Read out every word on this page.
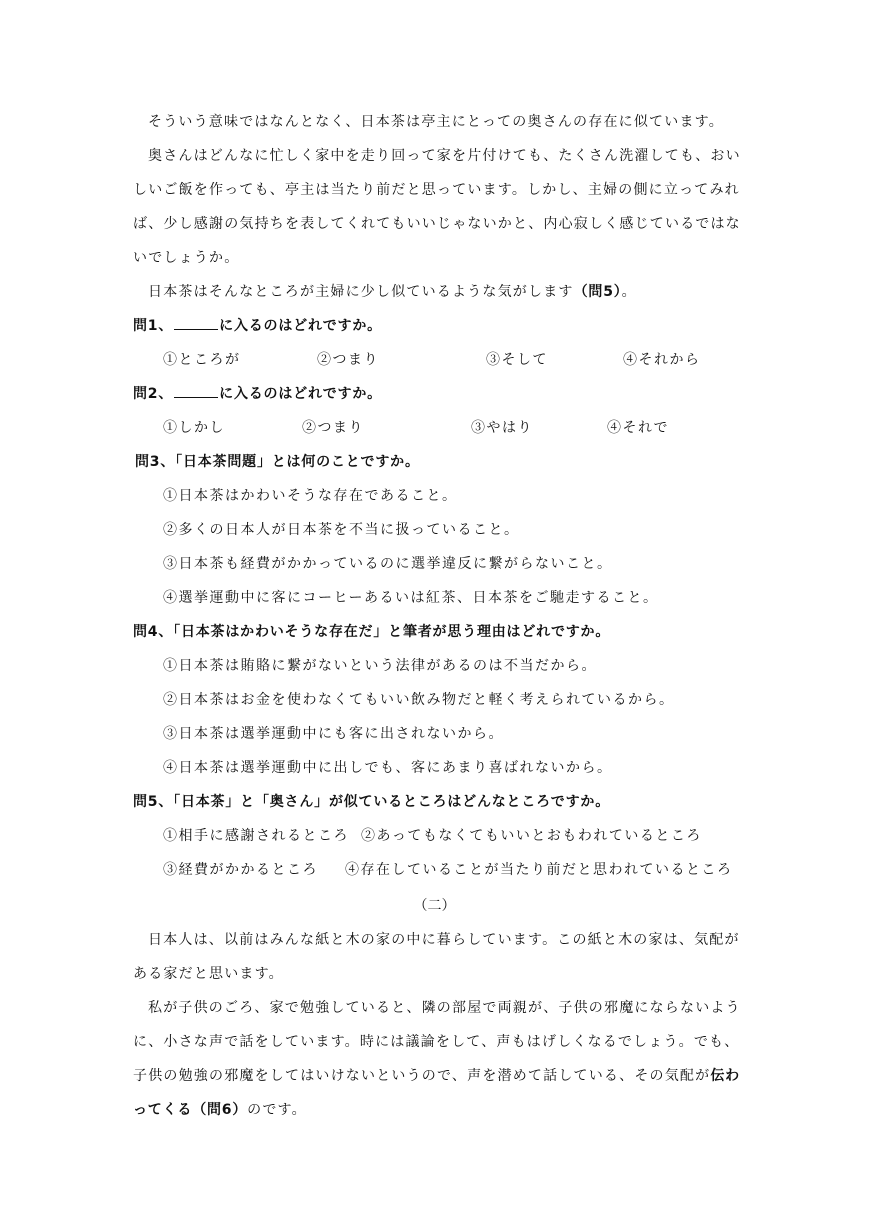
そういう意味ではなんとなく、日本茶は亭主にとっての奥さんの存在に似ています。
奥さんはどんなに忙しく家中を走り回って家を片付けても、たくさん洗濯しても、おい
しいご飯を作っても、亭主は当たり前だと思っています。しかし、主婦の側に立ってみれ
ば、少し感謝の気持ちを表してくれてもいいじゃないかと、内心寂しく感じているではな
いでしょうか。
日本茶はそんなところが主婦に少し似ているような気がします（問5）。
問1、	に入るのはどれですか。
①ところが	②つまり	③そして	④それから
問2、	に入るのはどれですか。
①しかし	②つまり	③やはり	④それで
問3、「日本茶問題」とは何のことですか。
①日本茶はかわいそうな存在であること。
②多くの日本人が日本茶を不当に扱っていること。
③日本茶も経費がかかっているのに選挙違反に繋がらないこと。
④選挙運動中に客にコーヒーあるいは紅茶、日本茶をご馳走すること。
問4、「日本茶はかわいそうな存在だ」と筆者が思う理由はどれですか。
①日本茶は賄賂に繋がないという法律があるのは不当だから。
②日本茶はお金を使わなくてもいい飲み物だと軽く考えられているから。
③日本茶は選挙運動中にも客に出されないから。
④日本茶は選挙運動中に出しでも、客にあまり喜ばれないから。
問5、「日本茶」と「奥さん」が似ているところはどんなところですか。
①相手に感謝されるところ ②あってもなくてもいいとおもわれているところ
③経費がかかるところ ④存在していることが当たり前だと思われているところ
（二）
日本人は、以前はみんな紙と木の家の中に暮らしています。この紙と木の家は、気配が
ある家だと思います。
私が子供のごろ、家で勉強していると、隣の部屋で両親が、子供の邪魔にならないよう
に、小さな声で話をしています。時には議論をして、声もはげしくなるでしょう。でも、
子供の勉強の邪魔をしてはいけないというので、声を潜めて話している、その気配が伝わ
ってくる（問6）のです。
